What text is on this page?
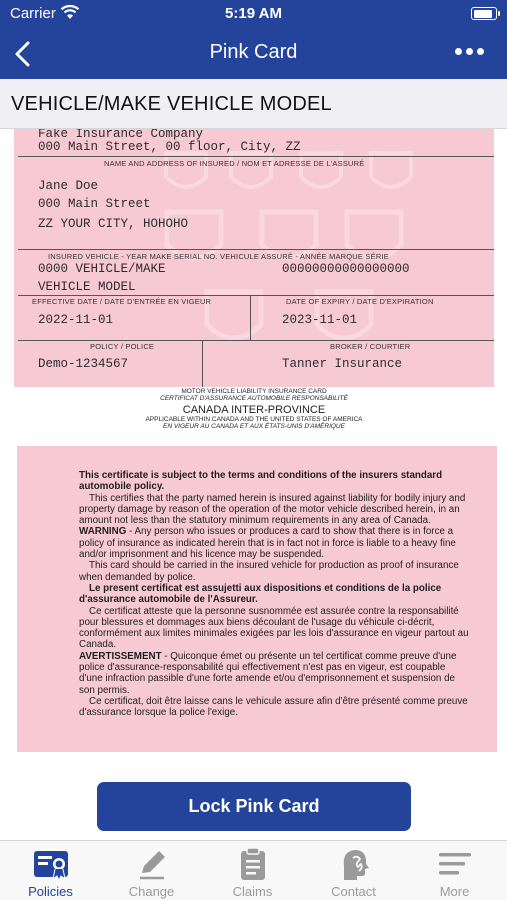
Carrier	5:19 AM
Pink Card
VEHICLE/MAKE VEHICLE MODEL
Fake Insurance Company
000 Main Street, 00 floor, City, ZZ
NAME AND ADDRESS OF INSURED / NOM ET ADRESSE DE L'ASSURÉ
Jane Doe
000 Main Street
ZZ YOUR CITY, HOHOHO
INSURED VEHICLE - YEAR MAKE SERIAL NO. VEHICULE ASSURÉ - ANNÉE MARQUE SÉRIE
0000 VEHICLE/MAKE	00000000000000000
VEHICLE MODEL
EFFECTIVE DATE / DATE D'ENTRÉE EN VIGEUR	DATE OF EXPIRY / DATE D'EXPIRATION
2022-11-01	2023-11-01
POLICY / POLICE	BROKER / COURTIER
Demo-1234567	Tanner Insurance
MOTOR VEHICLE LIABILITY INSURANCE CARD
CERTIFICAT D'ASSURANCE AUTOMOBILE RESPONSABILITÉ
CANADA INTER-PROVINCE
APPLICABLE WITHIN CANADA AND THE UNITED STATES OF AMERICA
EN VIGEUR AU CANADA ET AUX ÉTATS-UNIS D'AMÉRIQUE

This certificate is subject to the terms and conditions of the insurers standard automobile policy.

This certifies that the party named herein is insured against liability for bodily injury and property damage by reason of the operation of the motor vehicle described herein, in an amount not less than the statutory minimum requirements in any area of Canada.

WARNING - Any person who issues or produces a card to show that there is in force a policy of insurance as indicated herein that is in fact not in force is liable to a heavy fine and/or imprisonment and his licence may be suspended.

This card should be carried in the insured vehicle for production as proof of insurance when demanded by police.

Le present certificat est assujetti aux dispositions et conditions de la police d'assurance automobile de l'Assureur.

Ce certificat atteste que la personne susnommée est assurée contre la responsabilité pour blessures et dommages aux biens découlant de l'usage du véhicule ci-décrit, conformément aux limites minimales exigées par les lois d'assurance en vigeur partout au Canada.

AVERTISSEMENT - Quiconque émet ou présente un tel certificat comme preuve d'une police d'assurance-responsabilité qui effectivement n'est pas en vigeur, est coupable d'une infraction passible d'une forte amende et/ou d'emprisonnement et suspension de son permis.

Ce certificat, doit être laisse cans le vehicule assure afin d'être présenté comme preuve d'assurance lorsque la police l'exige.

Lock Pink Card
Policies	Change	Claims	Contact	More
